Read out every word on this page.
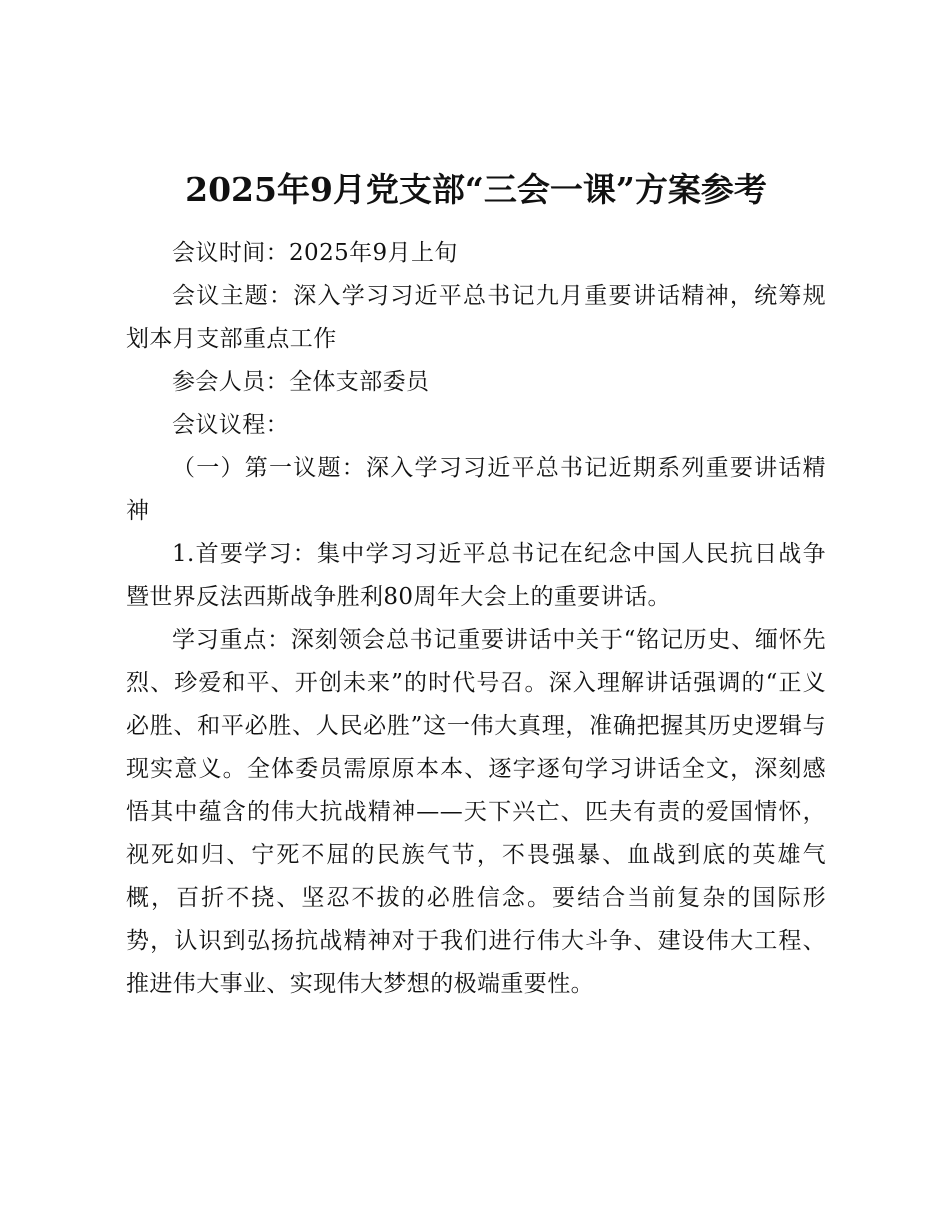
2025年9月党支部“三会一课”方案参考

会议时间：2025年9月上旬

会议主题：深入学习习近平总书记九月重要讲话精神，统筹规划本月支部重点工作

参会人员：全体支部委员

会议议程：

（一）第一议题：深入学习习近平总书记近期系列重要讲话精神

1.首要学习：集中学习习近平总书记在纪念中国人民抗日战争暨世界反法西斯战争胜利80周年大会上的重要讲话。

学习重点：深刻领会总书记重要讲话中关于“铭记历史、缅怀先烈、珍爱和平、开创未来”的时代号召。深入理解讲话强调的“正义必胜、和平必胜、人民必胜”这一伟大真理，准确把握其历史逻辑与现实意义。全体委员需原原本本、逐字逐句学习讲话全文，深刻感悟其中蕴含的伟大抗战精神——天下兴亡、匹夫有责的爱国情怀，视死如归、宁死不屈的民族气节，不畏强暴、血战到底的英雄气概，百折不挠、坚忍不拔的必胜信念。要结合当前复杂的国际形势，认识到弘扬抗战精神对于我们进行伟大斗争、建设伟大工程、推进伟大事业、实现伟大梦想的极端重要性。
